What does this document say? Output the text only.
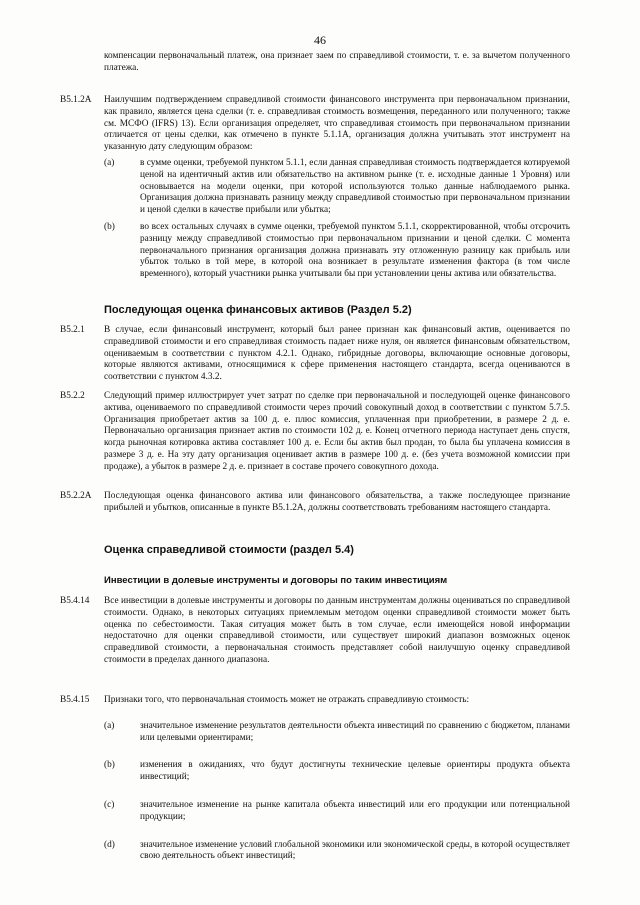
46
компенсации первоначальный платеж, она признает заем по справедливой стоимости, т. е. за вычетом полученного платежа.
B5.1.2A	Наилучшим подтверждением справедливой стоимости финансового инструмента при первоначальном признании, как правило, является цена сделки (т. е. справедливая стоимость возмещения, переданного или полученного; также см. МСФО (IFRS) 13). Если организация определяет, что справедливая стоимость при первоначальном признании отличается от цены сделки, как отмечено в пункте 5.1.1A, организация должна учитывать этот инструмент на указанную дату следующим образом:
(a)	в сумме оценки, требуемой пунктом 5.1.1, если данная справедливая стоимость подтверждается котируемой ценой на идентичный актив или обязательство на активном рынке (т. е. исходные данные 1 Уровня) или основывается на модели оценки, при которой используются только данные наблюдаемого рынка. Организация должна признавать разницу между справедливой стоимостью при первоначальном признании и ценой сделки в качестве прибыли или убытка;
(b)	во всех остальных случаях в сумме оценки, требуемой пунктом 5.1.1, скорректированной, чтобы отсрочить разницу между справедливой стоимостью при первоначальном признании и ценой сделки. С момента первоначального признания организация должна признавать эту отложенную разницу как прибыль или убыток только в той мере, в которой она возникает в результате изменения фактора (в том числе временного), который участники рынка учитывали бы при установлении цены актива или обязательства.
Последующая оценка финансовых активов (Раздел 5.2)
B5.2.1	В случае, если финансовый инструмент, который был ранее признан как финансовый актив, оценивается по справедливой стоимости и его справедливая стоимость падает ниже нуля, он является финансовым обязательством, оцениваемым в соответствии с пунктом 4.2.1. Однако, гибридные договоры, включающие основные договоры, которые являются активами, относящимися к сфере применения настоящего стандарта, всегда оцениваются в соответствии с пунктом 4.3.2.
B5.2.2	Следующий пример иллюстрирует учет затрат по сделке при первоначальной и последующей оценке финансового актива, оцениваемого по справедливой стоимости через прочий совокупный доход в соответствии с пунктом 5.7.5. Организация приобретает актив за 100 д. е. плюс комиссия, уплаченная при приобретении, в размере 2 д. е. Первоначально организация признает актив по стоимости 102 д. е. Конец отчетного периода наступает день спустя, когда рыночная котировка актива составляет 100 д. е. Если бы актив был продан, то была бы уплачена комиссия в размере 3 д. е. На эту дату организация оценивает актив в размере 100 д. е. (без учета возможной комиссии при продаже), а убыток в размере 2 д. е. признает в составе прочего совокупного дохода.
B5.2.2A	Последующая оценка финансового актива или финансового обязательства, а также последующее признание прибылей и убытков, описанные в пункте B5.1.2A, должны соответствовать требованиям настоящего стандарта.
Оценка справедливой стоимости (раздел 5.4)
Инвестиции в долевые инструменты и договоры по таким инвестициям
B5.4.14	Все инвестиции в долевые инструменты и договоры по данным инструментам должны оцениваться по справедливой стоимости. Однако, в некоторых ситуациях приемлемым методом оценки справедливой стоимости может быть оценка по себестоимости. Такая ситуация может быть в том случае, если имеющейся новой информации недостаточно для оценки справедливой стоимости, или существует широкий диапазон возможных оценок справедливой стоимости, а первоначальная стоимость представляет собой наилучшую оценку справедливой стоимости в пределах данного диапазона.
B5.4.15	Признаки того, что первоначальная стоимость может не отражать справедливую стоимость:
(a)	значительное изменение результатов деятельности объекта инвестиций по сравнению с бюджетом, планами или целевыми ориентирами;
(b)	изменения в ожиданиях, что будут достигнуты технические целевые ориентиры продукта объекта инвестиций;
(c)	значительное изменение на рынке капитала объекта инвестиций или его продукции или потенциальной продукции;
(d)	значительное изменение условий глобальной экономики или экономической среды, в которой осуществляет свою деятельность объект инвестиций;
